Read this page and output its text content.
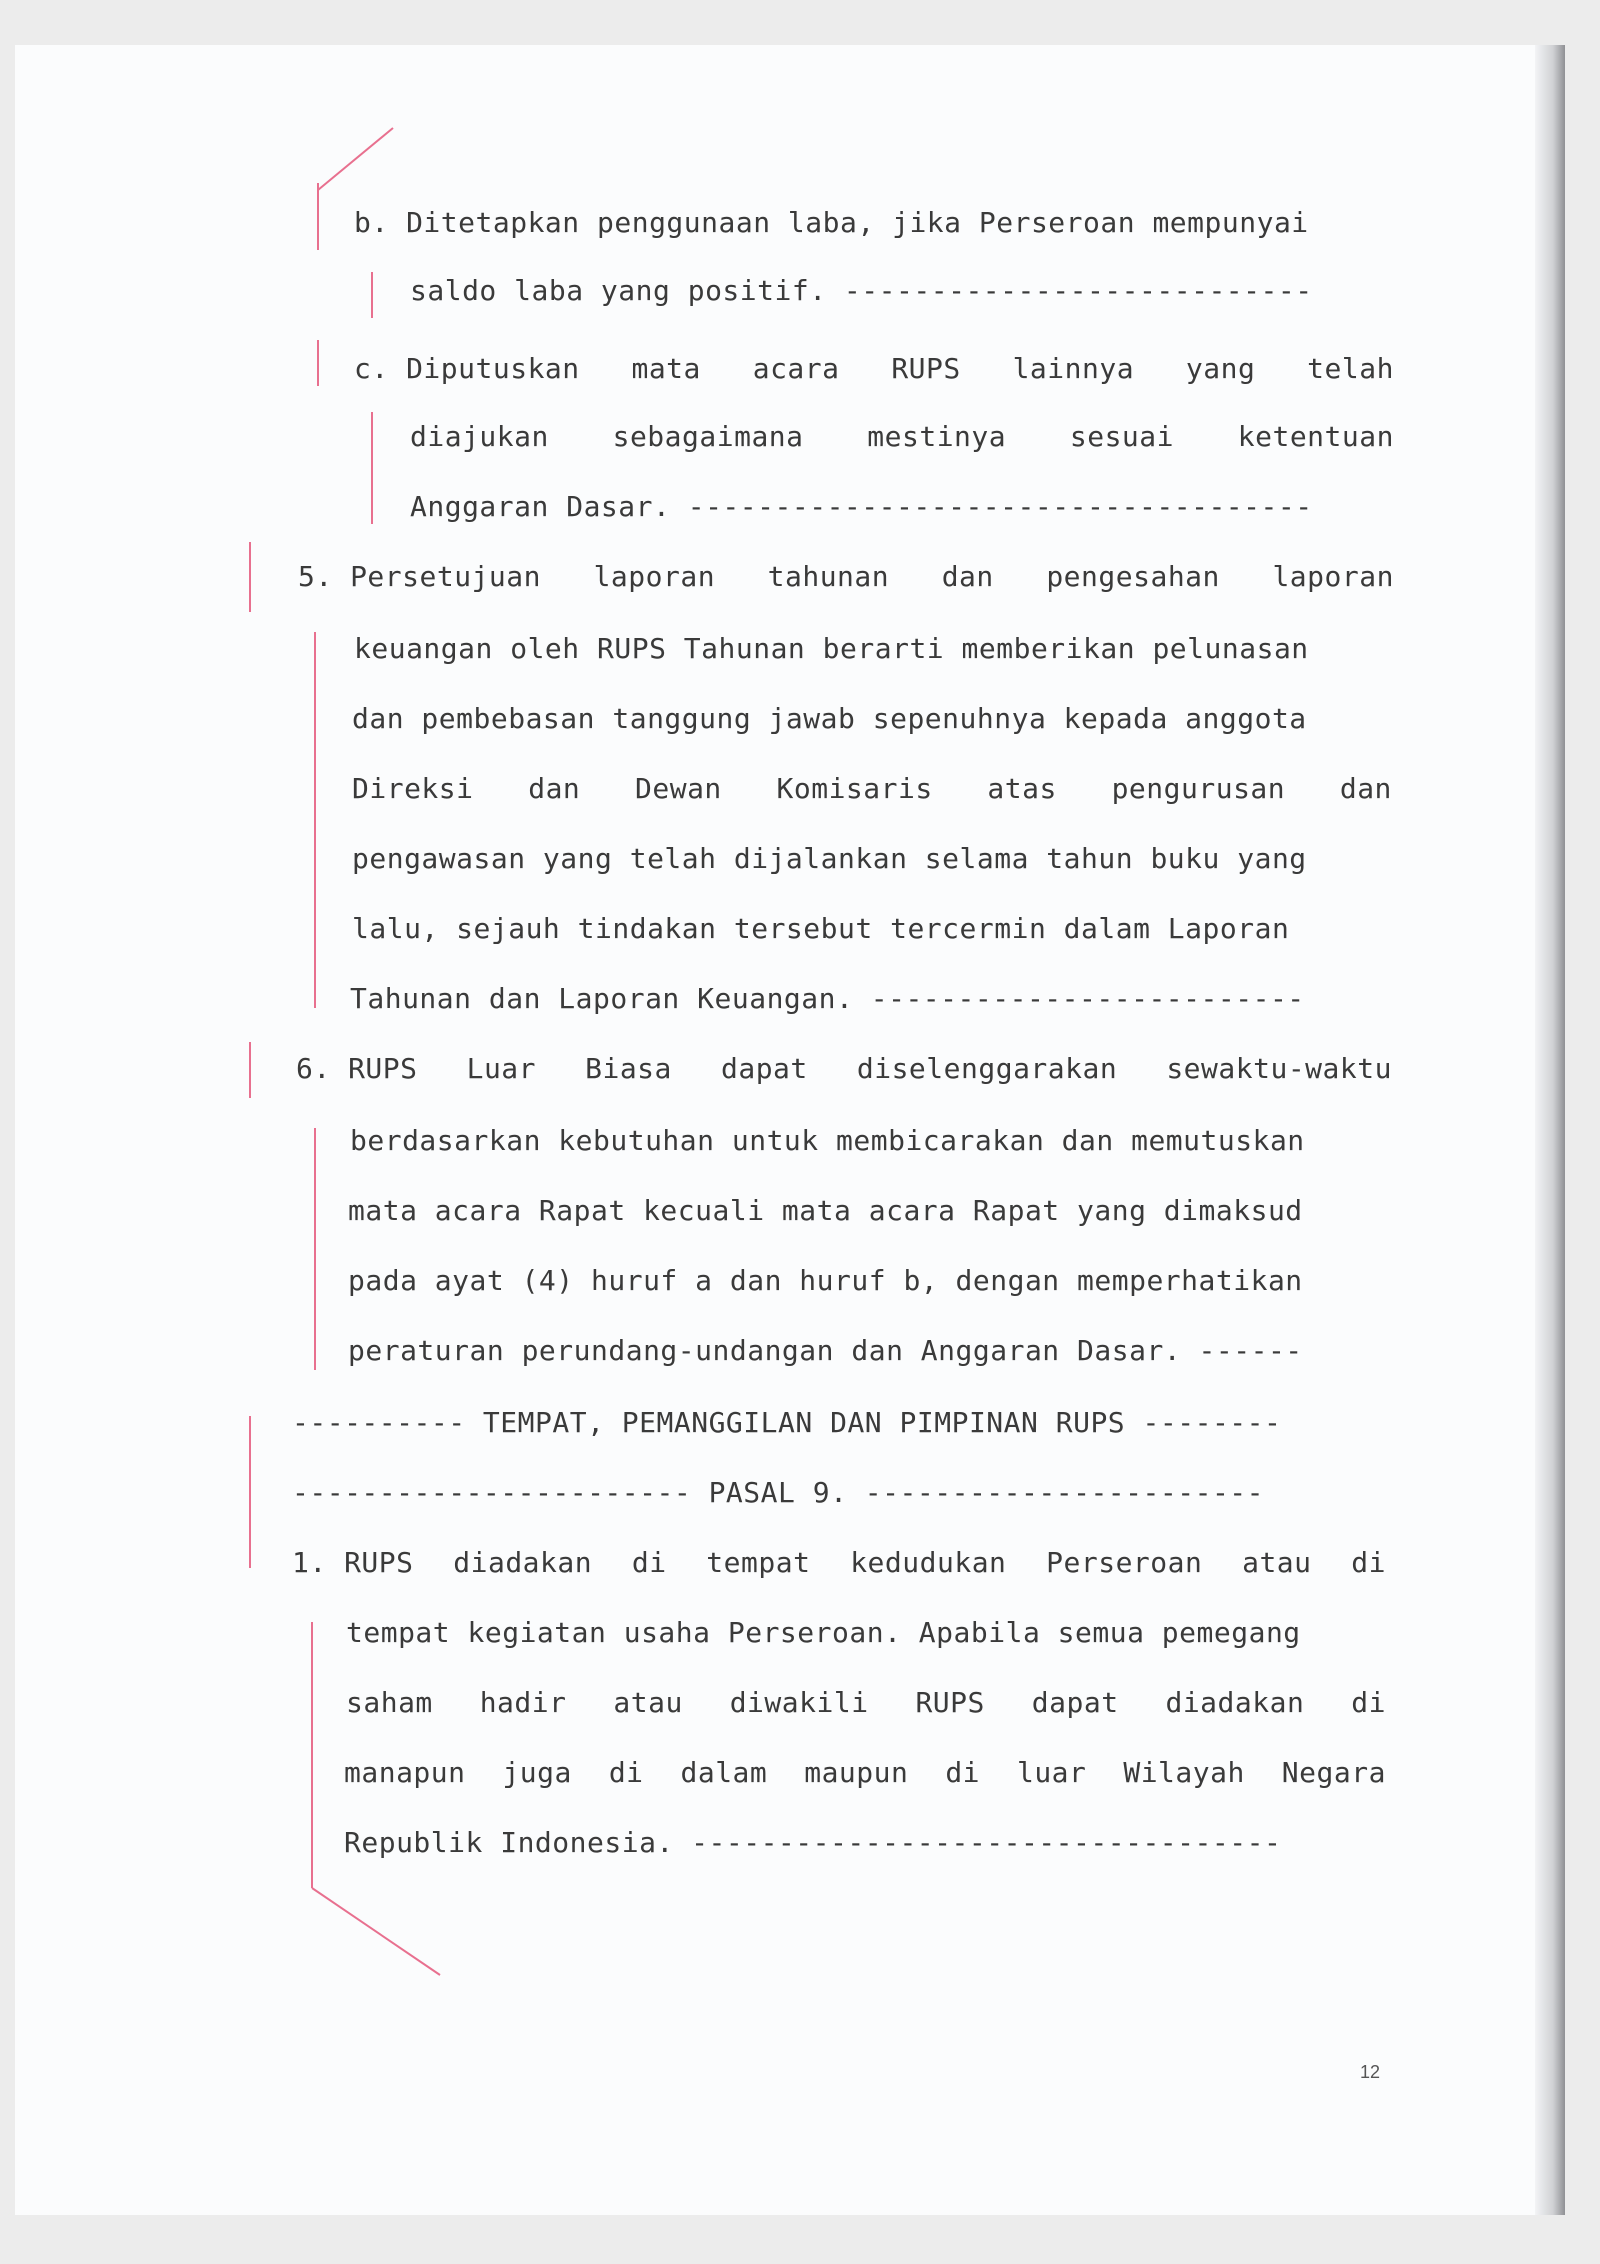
b. Ditetapkan penggunaan laba, jika Perseroan mempunyai
saldo laba yang positif. ---------------------------
c. Diputuskan mata acara RUPS lainnya yang telah
diajukan sebagaimana mestinya sesuai ketentuan
Anggaran Dasar. ------------------------------------
5. Persetujuan laporan tahunan dan pengesahan laporan
keuangan oleh RUPS Tahunan berarti memberikan pelunasan
dan pembebasan tanggung jawab sepenuhnya kepada anggota
Direksi dan Dewan Komisaris atas pengurusan dan
pengawasan yang telah dijalankan selama tahun buku yang
lalu, sejauh tindakan tersebut tercermin dalam Laporan
Tahunan dan Laporan Keuangan. -------------------------
6. RUPS Luar Biasa dapat diselenggarakan sewaktu-waktu
berdasarkan kebutuhan untuk membicarakan dan memutuskan
mata acara Rapat kecuali mata acara Rapat yang dimaksud
pada ayat (4) huruf a dan huruf b, dengan memperhatikan
peraturan perundang-undangan dan Anggaran Dasar. ------
---------- TEMPAT, PEMANGGILAN DAN PIMPINAN RUPS --------
----------------------- PASAL 9. -----------------------
1. RUPS diadakan di tempat kedudukan Perseroan atau di
tempat kegiatan usaha Perseroan. Apabila semua pemegang
saham hadir atau diwakili RUPS dapat diadakan di
manapun juga di dalam maupun di luar Wilayah Negara
Republik Indonesia. ----------------------------------
12
